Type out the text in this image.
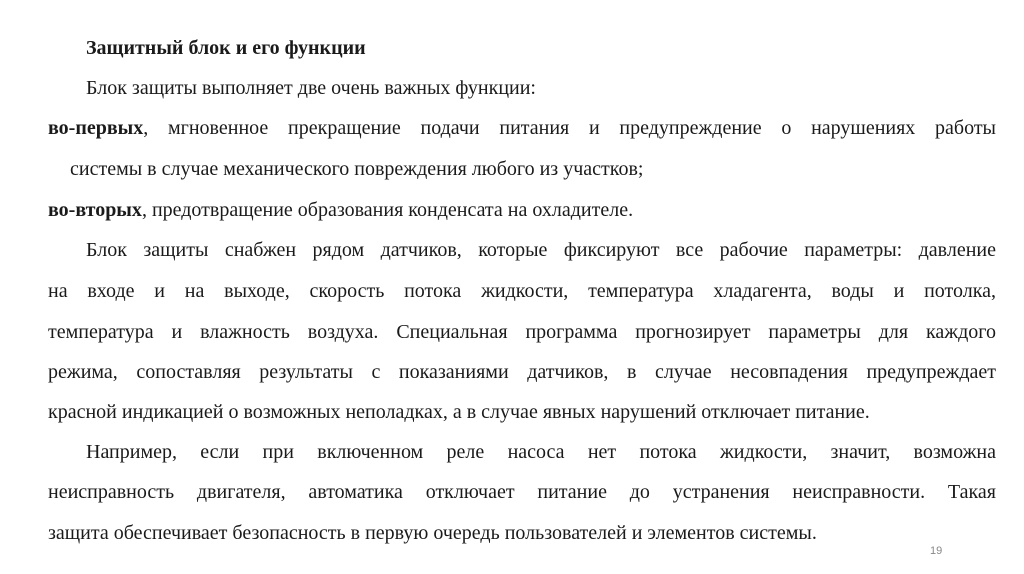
Защитный блок и его функции
Блок защиты выполняет две очень важных функции:
во-первых, мгновенное прекращение подачи питания и предупреждение о нарушениях работы
системы в случае механического повреждения любого из участков;
во-вторых, предотвращение образования конденсата на охладителе.
Блок защиты снабжен рядом датчиков, которые фиксируют все рабочие параметры: давление
на входе и на выходе, скорость потока жидкости, температура хладагента, воды и потолка,
температура и влажность воздуха. Специальная программа прогнозирует параметры для каждого
режима, сопоставляя результаты с показаниями датчиков, в случае несовпадения предупреждает
красной индикацией о возможных неполадках, а в случае явных нарушений отключает питание.
Например, если при включенном реле насоса нет потока жидкости, значит, возможна
неисправность двигателя, автоматика отключает питание до устранения неисправности. Такая
защита обеспечивает безопасность в первую очередь пользователей и элементов системы.
19
